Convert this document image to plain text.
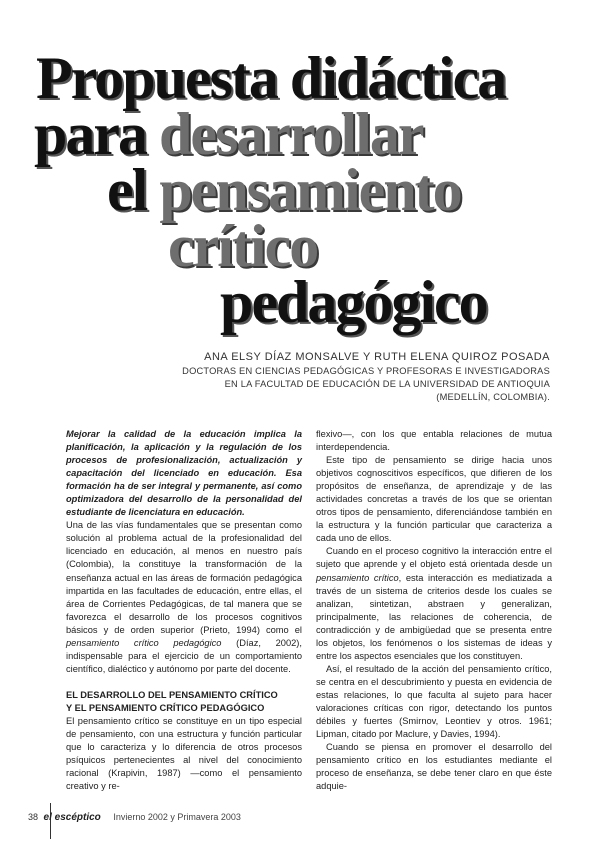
Propuesta didáctica
para desarrollar
el pensamiento
crítico
pedagógico
ANA ELSY DÍAZ MONSALVE Y RUTH ELENA QUIROZ POSADA
DOCTORAS EN CIENCIAS PEDAGÓGICAS Y PROFESORAS E INVESTIGADORAS
EN LA FACULTAD DE EDUCACIÓN DE LA UNIVERSIDAD DE ANTIOQUIA
(MEDELLÍN, COLOMBIA).

Mejorar la calidad de la educación implica la planificación, la aplicación y la regulación de los procesos de profesionalización, actualización y capacitación del licenciado en educación. Esa formación ha de ser integral y permanente, así como optimizadora del desarrollo de la personalidad del estudiante de licenciatura en educación.

Una de las vías fundamentales que se presentan como solución al problema actual de la profesionalidad del licenciado en educación, al menos en nuestro país (Colombia), la constituye la transformación de la enseñanza actual en las áreas de formación pedagógica impartida en las facultades de educación, entre ellas, el área de Corrientes Pedagógicas, de tal manera que se favorezca el desarrollo de los procesos cognitivos básicos y de orden superior (Prieto, 1994) como el pensamiento crítico pedagógico (Díaz, 2002), indispensable para el ejercicio de un comportamiento científico, dialéctico y autónomo por parte del docente.

EL DESARROLLO DEL PENSAMIENTO CRÍTICO
Y EL PENSAMIENTO CRÍTICO PEDAGÓGICO

El pensamiento crítico se constituye en un tipo especial de pensamiento, con una estructura y función particular que lo caracteriza y lo diferencia de otros procesos psíquicos pertenecientes al nivel del conocimiento racional (Krapivin, 1987) —como el pensamiento creativo y re-

flexivo—, con los que entabla relaciones de mutua interdependencia.

Este tipo de pensamiento se dirige hacia unos objetivos cognoscitivos específicos, que difieren de los propósitos de enseñanza, de aprendizaje y de las actividades concretas a través de los que se orientan otros tipos de pensamiento, diferenciándose también en la estructura y la función particular que caracteriza a cada uno de ellos.

Cuando en el proceso cognitivo la interacción entre el sujeto que aprende y el objeto está orientada desde un pensamiento crítico, esta interacción es mediatizada a través de un sistema de criterios desde los cuales se analizan, sintetizan, abstraen y generalizan, principalmente, las relaciones de coherencia, de contradicción y de ambigüedad que se presenta entre los objetos, los fenómenos o los sistemas de ideas y entre los aspectos esenciales que los constituyen.

Así, el resultado de la acción del pensamiento crítico, se centra en el descubrimiento y puesta en evidencia de estas relaciones, lo que faculta al sujeto para hacer valoraciones críticas con rigor, detectando los puntos débiles y fuertes (Smirnov, Leontiev y otros. 1961; Lipman, citado por Maclure, y Davies, 1994).

Cuando se piensa en promover el desarrollo del pensamiento crítico en los estudiantes mediante el proceso de enseñanza, se debe tener claro en que éste adquie-

38 el escéptico Invierno 2002 y Primavera 2003
